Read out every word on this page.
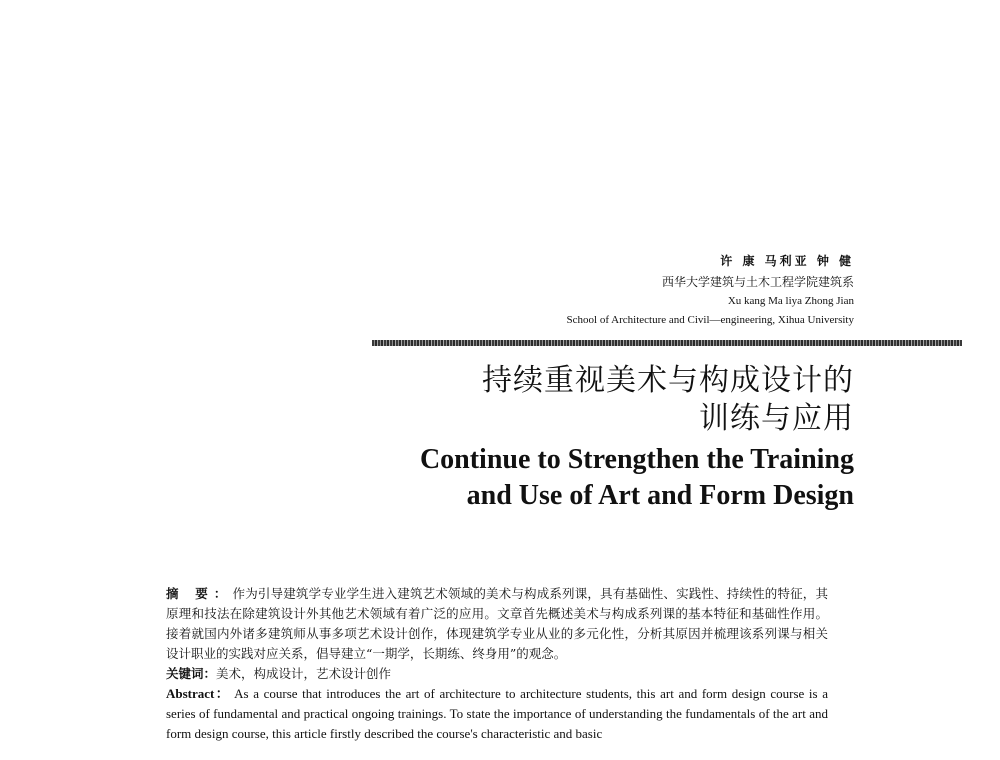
许 康 马利亚 钟 健
西华大学建筑与土木工程学院建筑系
Xu kang Ma liya Zhong Jian
School of Architecture and Civil—engineering, Xihua University
持续重视美术与构成设计的
训练与应用
Continue to Strengthen the Training
and Use of Art and Form Design
摘 要：作为引导建筑学专业学生进入建筑艺术领域的美术与构成系列课，具有基础性、实践性、持续性的特征，其原理和技法在除建筑设计外其他艺术领域有着广泛的应用。文章首先概述美术与构成系列课的基本特征和基础性作用。接着就国内外诸多建筑师从事多项艺术设计创作，体现建筑学专业从业的多元化性，分析其原因并梳理该系列课与相关设计职业的实践对应关系，倡导建立“一期学，长期练、终身用”的观念。
关键词：美术，构成设计，艺术设计创作
Abstract： As a course that introduces the art of architecture to architecture students, this art and form design course is a series of fundamental and practical ongoing trainings. To state the importance of understanding the fundamentals of the art and form design course, this article firstly described the course's characteristic and basic
